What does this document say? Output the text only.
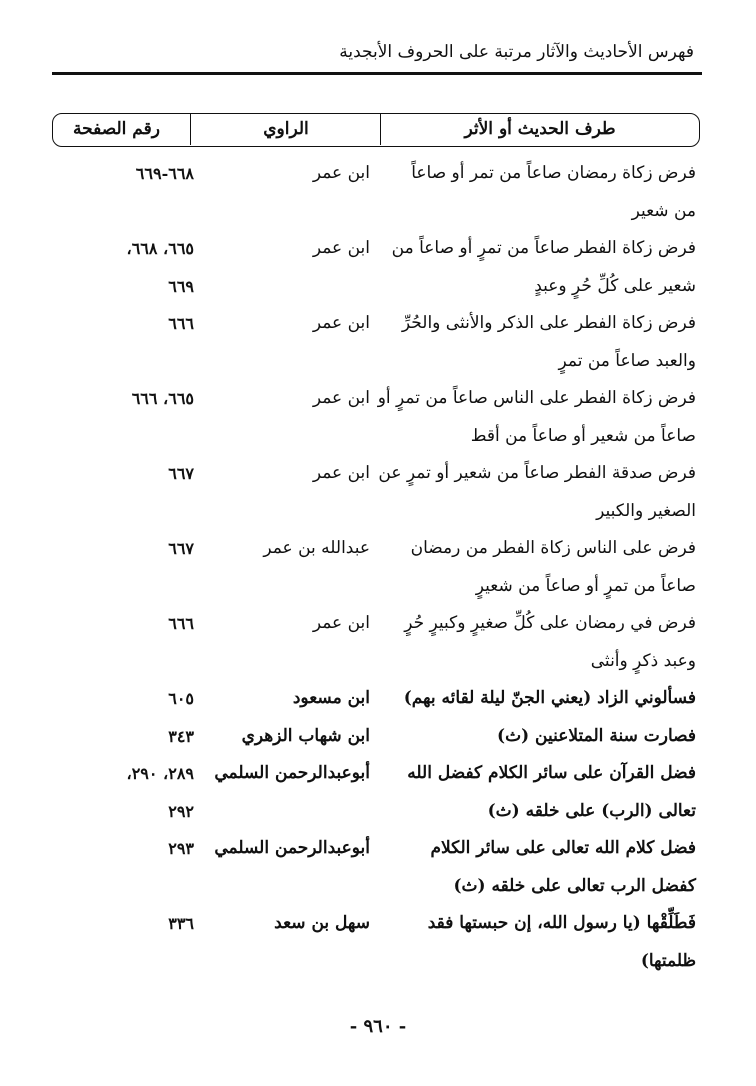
فهرس الأحاديث والآثار مرتبة على الحروف الأبجدية
طرف الحديث أو الأثر
الراوي
رقم الصفحة
فرض زكاة رمضان صاعاً من تمر أو صاعاً
ابن عمر
٦٦٨-٦٦٩
من شعير
فرض زكاة الفطر صاعاً من تمرٍ أو صاعاً من
ابن عمر
٦٦٥، ٦٦٨،
شعير على كُلِّ حُرٍ وعبدٍ
٦٦٩
فرض زكاة الفطر على الذكر والأنثى والحُرِّ
ابن عمر
٦٦٦
والعبد صاعاً من تمرٍ
فرض زكاة الفطر على الناس صاعاً من تمرٍ أو
ابن عمر
٦٦٥، ٦٦٦
صاعاً من شعير أو صاعاً من أقط
فرض صدقة الفطر صاعاً من شعير أو تمرٍ عن
ابن عمر
٦٦٧
الصغير والكبير
فرض على الناس زكاة الفطر من رمضان
عبدالله بن عمر
٦٦٧
صاعاً من تمرٍ أو صاعاً من شعيرٍ
فرض في رمضان على كُلِّ صغيرٍ وكبيرٍ حُرٍ
ابن عمر
٦٦٦
وعبد ذكرٍ وأنثى
فسألوني الزاد (يعني الجنّ ليلة لقائه بهم)
ابن مسعود
٦٠٥
فصارت سنة المتلاعنين (ث)
ابن شهاب الزهري
٣٤٣
فضل القرآن على سائر الكلام كفضل الله
أبوعبدالرحمن السلمي
٢٨٩، ٢٩٠،
تعالى (الرب) على خلقه (ث)
٢٩٢
فضل كلام الله تعالى على سائر الكلام
أبوعبدالرحمن السلمي
٢٩٣
كفضل الرب تعالى على خلقه (ث)
فَطَلِّقْها (يا رسول الله، إن حبستها فقد
سهل بن سعد
٣٣٦
ظلمتها)
- ٩٦٠ -
